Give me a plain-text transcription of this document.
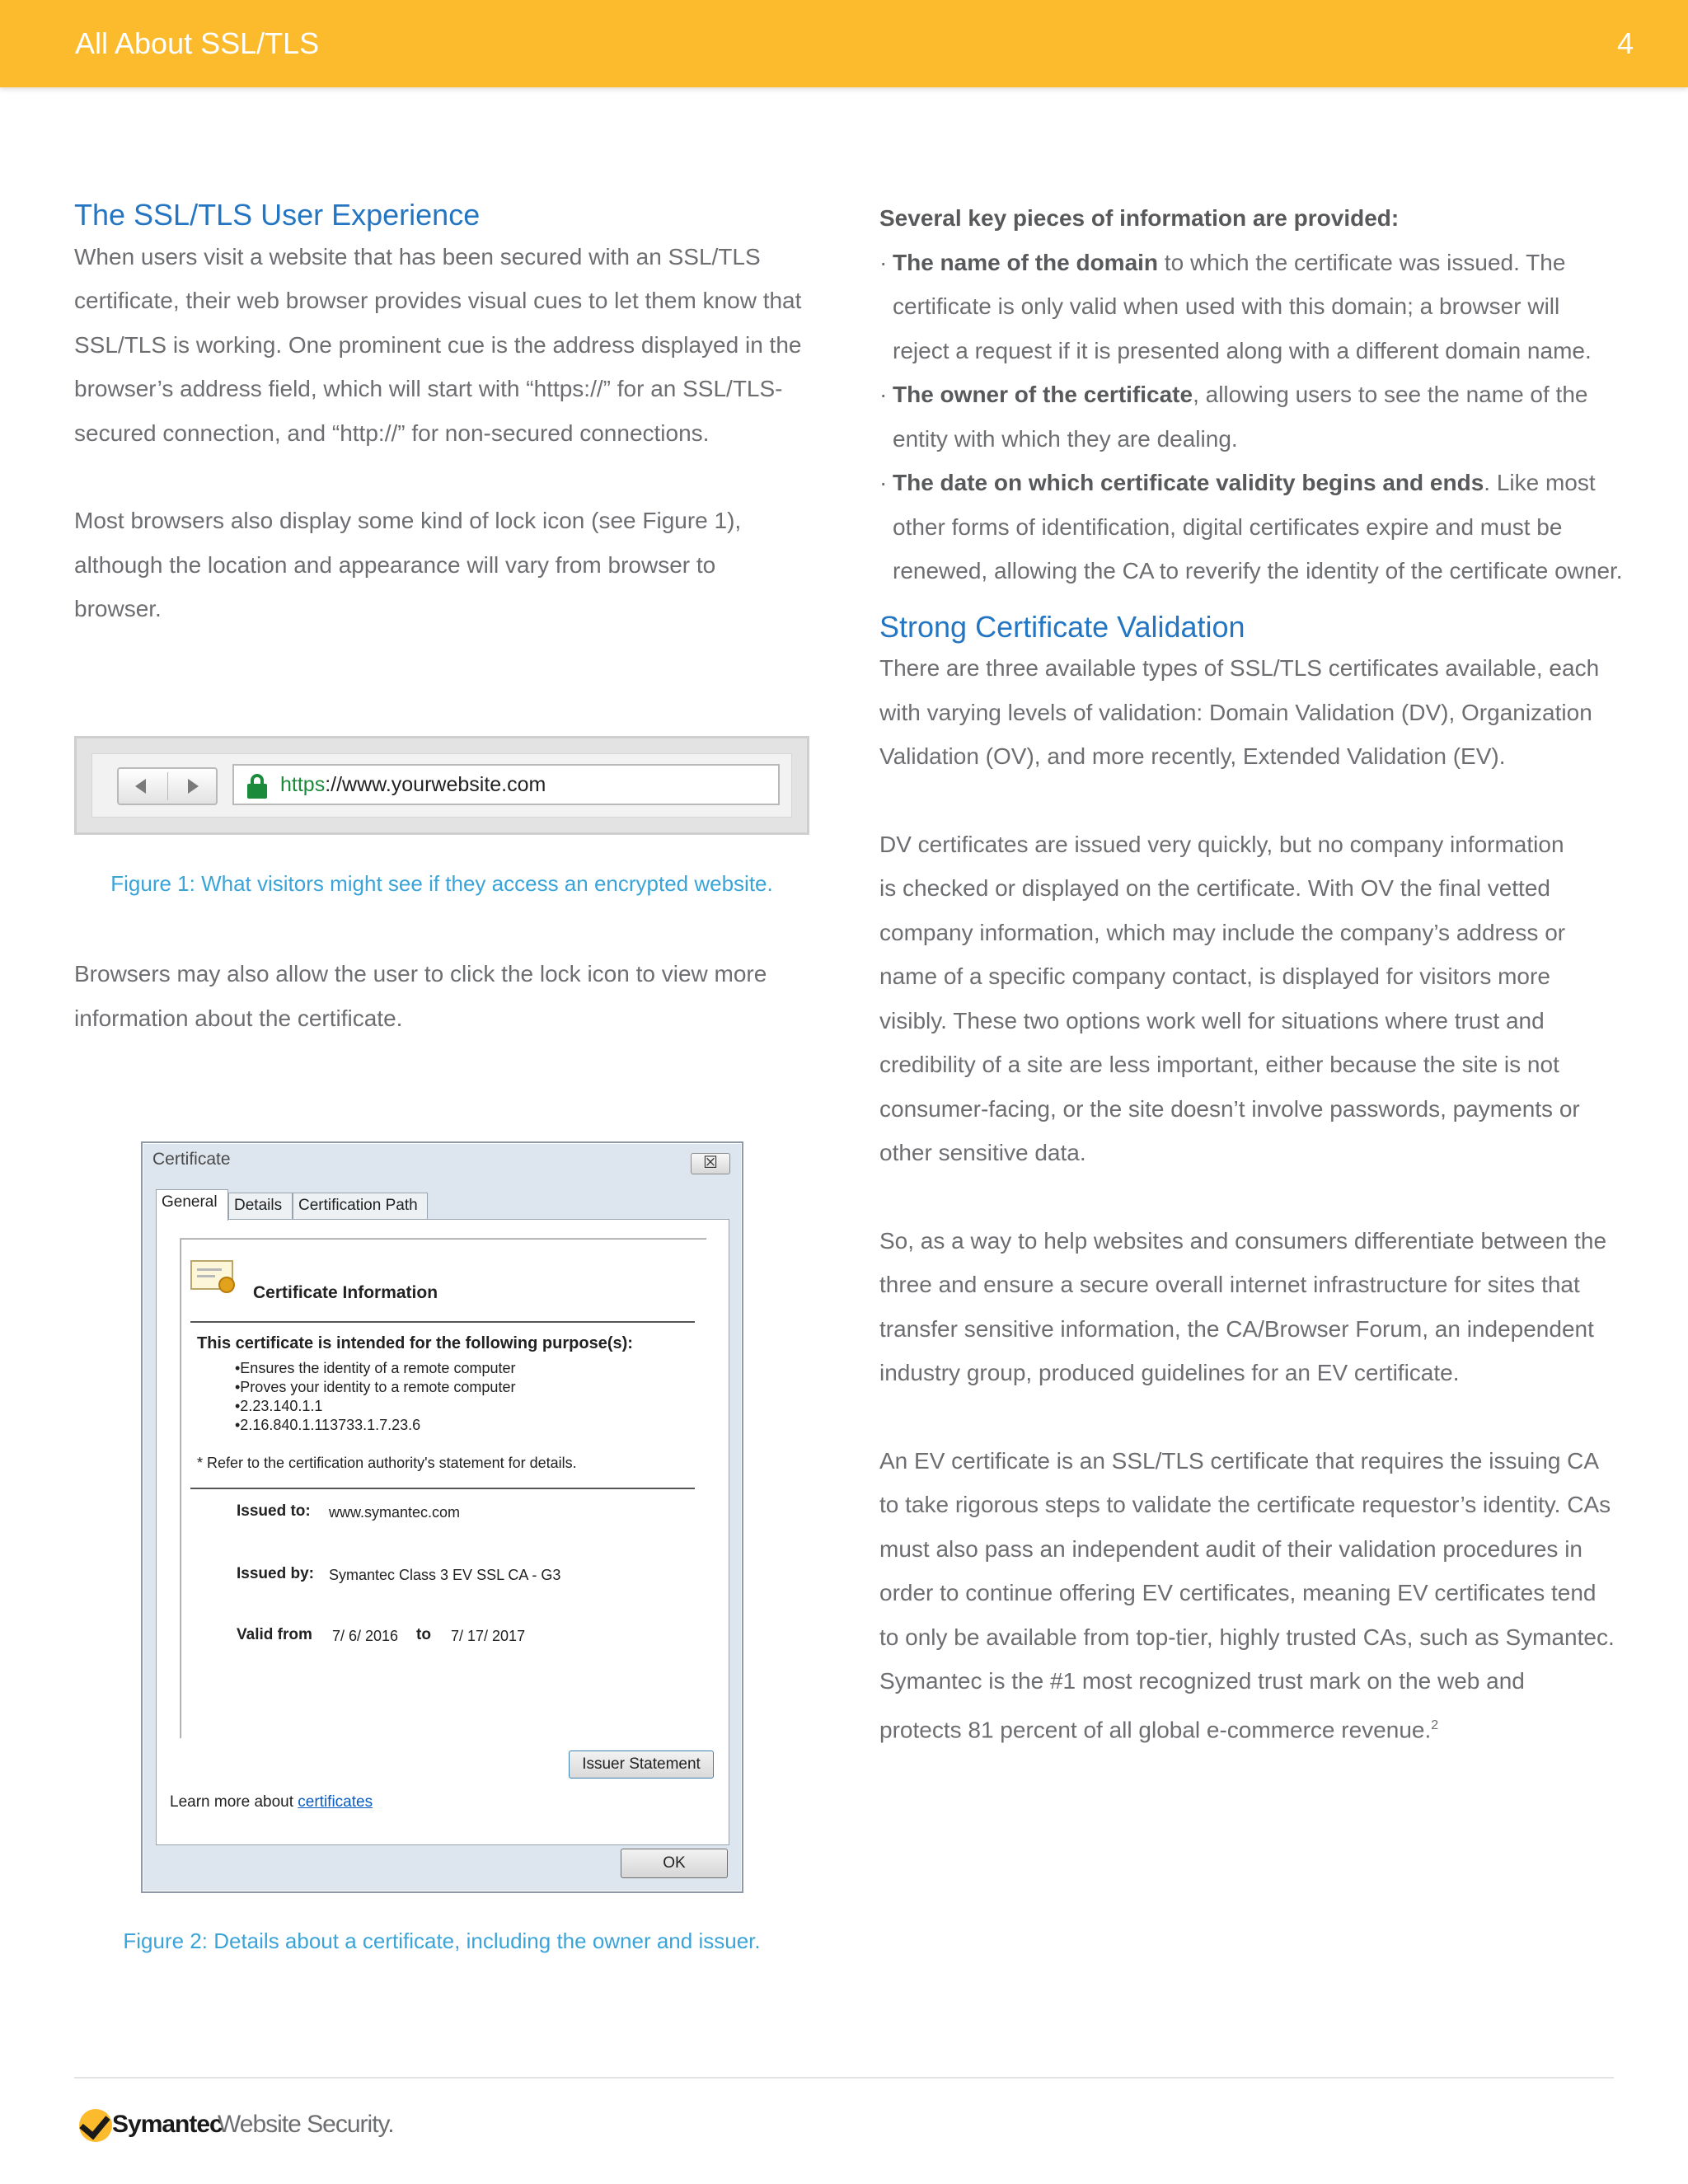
All About SSL/TLS	4
The SSL/TLS User Experience
When users visit a website that has been secured with an SSL/TLS
certificate, their web browser provides visual cues to let them know that
SSL/TLS is working. One prominent cue is the address displayed in the
browser’s address field, which will start with “https://” for an SSL/TLS-
secured connection, and “http://” for non-secured connections.
Most browsers also display some kind of lock icon (see Figure 1),
although the location and appearance will vary from browser to
browser.
https://www.yourwebsite.com
Figure 1: What visitors might see if they access an encrypted website.
Browsers may also allow the user to click the lock icon to view more
information about the certificate.
Certificate	☒
General	Details	Certification Path
Certificate Information
This certificate is intended for the following purpose(s):
•Ensures the identity of a remote computer
•Proves your identity to a remote computer
•2.23.140.1.1
•2.16.840.1.113733.1.7.23.6
* Refer to the certification authority's statement for details.
Issued to: www.symantec.com
Issued by: Symantec Class 3 EV SSL CA - G3
Valid from 7/ 6/ 2016 to 7/ 17/ 2017
Issuer Statement
Learn more about certificates
OK
Figure 2: Details about a certificate, including the owner and issuer.
Several key pieces of information are provided:
· The name of the domain to which the certificate was issued. The
certificate is only valid when used with this domain; a browser will
reject a request if it is presented along with a different domain name.
· The owner of the certificate, allowing users to see the name of the
entity with which they are dealing.
· The date on which certificate validity begins and ends. Like most
other forms of identification, digital certificates expire and must be
renewed, allowing the CA to reverify the identity of the certificate owner.
Strong Certificate Validation
There are three available types of SSL/TLS certificates available, each
with varying levels of validation: Domain Validation (DV), Organization
Validation (OV), and more recently, Extended Validation (EV).
DV certificates are issued very quickly, but no company information
is checked or displayed on the certificate. With OV the final vetted
company information, which may include the company’s address or
name of a specific company contact, is displayed for visitors more
visibly. These two options work well for situations where trust and
credibility of a site are less important, either because the site is not
consumer-facing, or the site doesn’t involve passwords, payments or
other sensitive data.
So, as a way to help websites and consumers differentiate between the
three and ensure a secure overall internet infrastructure for sites that
transfer sensitive information, the CA/Browser Forum, an independent
industry group, produced guidelines for an EV certificate.
An EV certificate is an SSL/TLS certificate that requires the issuing CA
to take rigorous steps to validate the certificate requestor’s identity. CAs
must also pass an independent audit of their validation procedures in
order to continue offering EV certificates, meaning EV certificates tend
to only be available from top-tier, highly trusted CAs, such as Symantec.
Symantec is the #1 most recognized trust mark on the web and
protects 81 percent of all global e-commerce revenue.$^2$
Symantec
Website Security.
